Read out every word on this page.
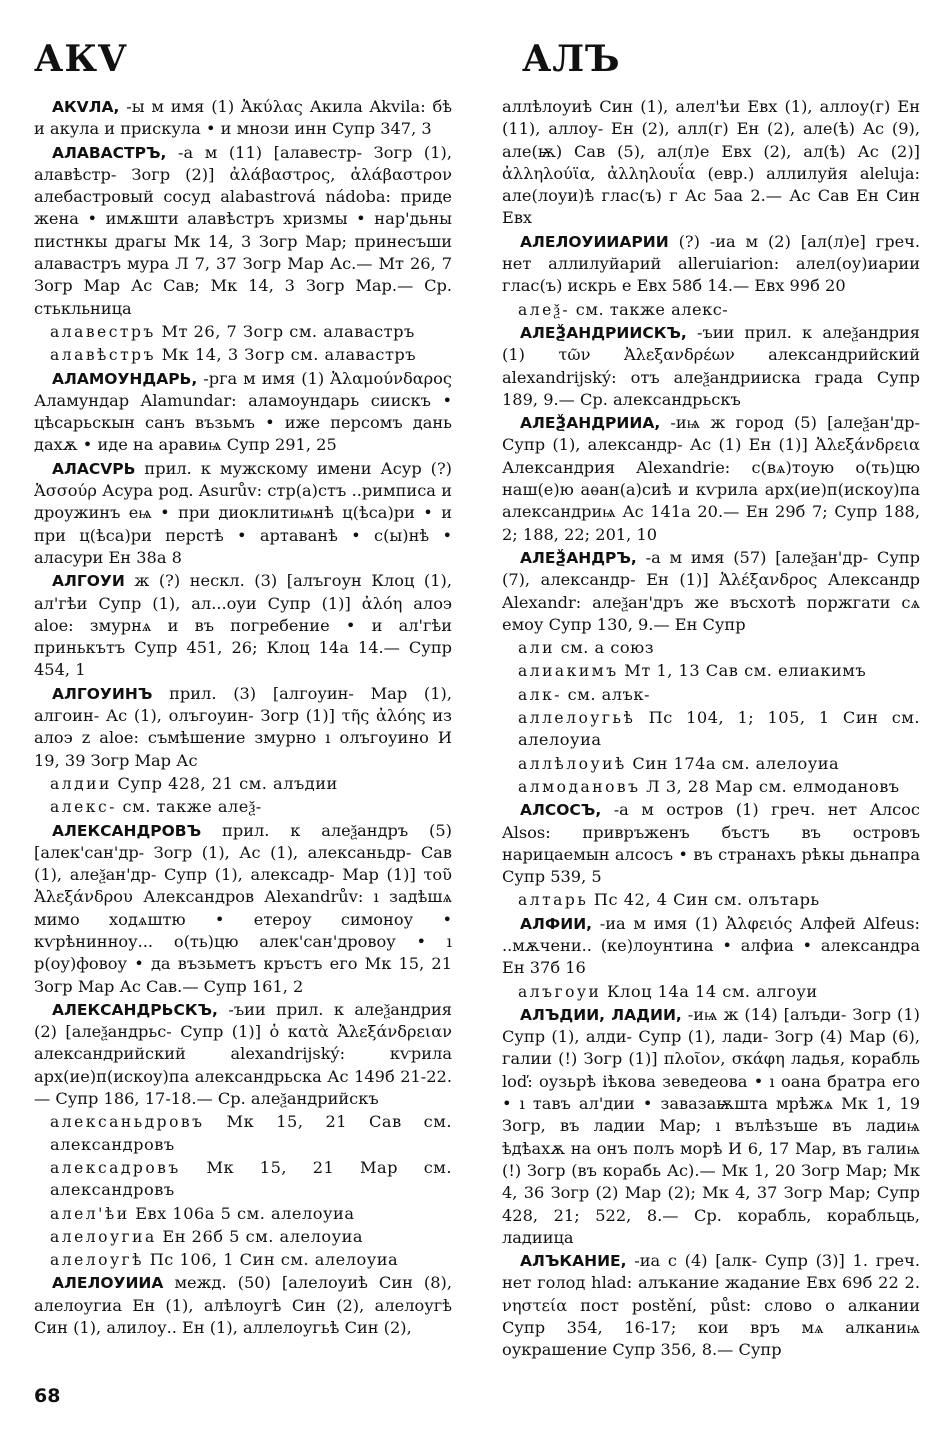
АКV	АЛЪ

АКVЛА, -ы м имя (1) Ἀκύλας Акила Akvila: бѣ и акула и прискула • и мнози инн Супр 347, 3

АЛАВАСТРЪ, -а м (11) [алавестр- Зогр (1), алавѣстр- Зогр (2)] ἀλάβαστρος, ἀλάβαστρον алебастровый сосуд alabastrová nádoba: приде жена • имѫшти алавѣстръ хризмы • нар'дьны пистнкы драгы Мк 14, 3 Зогр Мар; принесъши алавастръ мура Л 7, 37 Зогр Мар Ас.— Мт 26, 7 Зогр Мар Ас Сав; Мк 14, 3 Зогр Мар.— Ср. стькльница

алавестръ Мт 26, 7 Зогр см. алавастръ

алавѣстръ Мк 14, 3 Зогр см. алавастръ

АЛАМОУНДАРЬ, -рга м имя (1) Ἀλαμούνδαρος Аламундар Alamundar: аламоундарь сиискъ • цѣсарьскын санъ възьмъ • иже персомъ дань дахѫ • иде на аравиѩ Супр 291, 25

АЛАСVРЬ прил. к мужскому имени Асур (?) Ἀσσούρ Асура род. Asurův: стр(а)стъ ..римписа и дроужинъ еѩ • при диоклитиѩнѣ ц(ѣса)ри • и при ц(ѣса)ри перстѣ • артаванѣ • с(ы)нѣ • аласури Ен 38а 8

АЛГОУИ ж (?) нескл. (3) [алъгоун Клоц (1), ал'гѣи Супр (1), ал...оуи Супр (1)] ἀλόη алоэ aloe: змурнѧ и въ погребение • и ал'гѣи принькътъ Супр 451, 26; Клоц 14а 14.— Супр 454, 1

АЛГОУИНЪ прил. (3) [алгоуин- Мар (1), алгоин- Ас (1), олъгоуин- Зогр (1)] τῆς ἀλόης из алоэ z aloe: съмѣшение змурно ı олъгоуино И 19, 39 Зогр Мар Ас

алдии Супр 428, 21 см. алъдии

алекс- см. также алеѯ-

АЛЕКСАНДРОВЪ прил. к алеѯандръ (5) [алек'сан'др- Зогр (1), Ас (1), алексаньдр- Сав (1), алеѯан'др- Супр (1), алексадр- Мар (1)] τοῦ Ἀλεξάνδρου Александров Alexandrův: ı задѣшѧ мимо ходѧштю • етероу симоноу • кѵрѣнинноу... о(ть)цю алек'сан'дровоу • ı р(оу)фовоу • да възьметъ кръстъ его Мк 15, 21 Зогр Мар Ас Сав.— Супр 161, 2

АЛЕКСАНДРЬСКЪ, -ъии прил. к алеѯандрия (2) [алеѯандрьс- Супр (1)] ὁ κατὰ Ἀλεξάνδρειαν александрийский alexandrijský: кѵрила арх(ие)п(искоу)па александрьска Ас 149б 21-22.— Супр 186, 17-18.— Ср. алеѯандрийскъ

алексаньдровъ Мк 15, 21 Сав см. александровъ

алексадровъ Мк 15, 21 Мар см. александровъ

алел'ѣи Евх 106а 5 см. алелоуиа

алелоугиа Ен 26б 5 см. алелоуиа

алелоугѣ Пс 106, 1 Син см. алелоуиа

АЛЕЛОУИИА межд. (50) [алелоуиѣ Син (8), алелоугиа Ен (1), алѣлоугѣ Син (2), алелоугѣ Син (1), алилоу.. Ен (1), аллелоугьѣ Син (2),

аллѣлоуиѣ Син (1), алел'ѣи Евх (1), аллоу(г) Ен (11), аллоу- Ен (2), алл(г) Ен (2), але(ѣ) Ас (9), але(ѭ) Сав (5), ал(л)е Евх (2), ал(ѣ) Ас (2)] ἀλληλούϊα, ἀλληλουΐα (евр.) аллилуйя aleluja: але(лоуи)ѣ глас(ъ) г Ас 5аа 2.— Ас Сав Ен Син Евх

АЛЕЛОУИИАРИИ (?) -иа м (2) [ал(л)е] греч. нет аллилуйарий alleruiarion: алел(оу)иарии глас(ъ) искрь е Евх 58б 14.— Евх 99б 20

алеѯ- см. также алекс-

АЛЕѮАНДРИИСКЪ, -ъии прил. к алеѯандрия (1) τῶν Ἀλεξανδρέων александрийский alexandrijský: отъ алеѯандрииска града Супр 189, 9.— Ср. александрьскъ

АЛЕѮАНДРИИА, -иѩ ж город (5) [алеѯан'др- Супр (1), александр- Ас (1) Ен (1)] Ἀλεξάνδρεια Александрия Alexandrie: с(вѧ)тоую о(ть)цю наш(е)ю аѳан(а)сиѣ и кѵрила арх(ие)п(искоу)па александриѩ Ас 141а 20.— Ен 29б 7; Супр 188, 2; 188, 22; 201, 10

АЛЕѮАНДРЪ, -а м имя (57) [алеѯан'др- Супр (7), александр- Ен (1)] Ἀλέξανδρος Александр Alexandr: алеѯан'дръ же въсхотѣ поржгати сѧ емоу Супр 130, 9.— Ен Супр

али см. а союз

алиакимъ Мт 1, 13 Сав см. елиакимъ

алк- см. алък-

аллелоугьѣ Пс 104, 1; 105, 1 Син см. алелоуиа

аллѣлоуиѣ Син 174а см. алелоуиа

алмодановъ Л 3, 28 Мар см. елмодановъ

АЛСОСЪ, -а м остров (1) греч. нет Алсос Alsos: привръженъ бъстъ въ островъ нарицаемын алсосъ • въ странахъ рѣкы дьнапра Супр 539, 5

алтарь Пс 42, 4 Син см. олътарь

АЛФИИ, -иа м имя (1) Ἀλφειός Алфей Alfeus: ..мѫчени.. (ке)лоунтина • алфиа • александра Ен 37б 16

алъгоуи Клоц 14а 14 см. алгоуи

АЛЪДИИ, ЛАДИИ, -иѩ ж (14) [алъди- Зогр (1) Супр (1), алди- Супр (1), лади- Зогр (4) Мар (6), галии (!) Зогр (1)] πλοῖον, σκάφη ладья, корабль loď: оузьрѣ іѣкова зеведеова • ı оана братра его • ı тавъ ал'дии • завазаѭшта мрѣжѧ Мк 1, 19 Зогр, въ ладии Мар; ı вълѣзъше въ ладиѩ ѣдѣахѫ на онъ полъ морѣ И 6, 17 Мар, въ галиѩ (!) Зогр (въ корабь Ас).— Мк 1, 20 Зогр Мар; Мк 4, 36 Зогр (2) Мар (2); Мк 4, 37 Зогр Мар; Супр 428, 21; 522, 8.— Ср. корабль, корабльць, ладиица

АЛЪКАНИЕ, -иа с (4) [алк- Супр (3)] 1. греч. нет голод hlad: алъкание жадание Евх 69б 22 2. νηστεία пост postění, půst: слово о алкании Супр 354, 16-17; кои връ мѧ алканиѩ оукрашение Супр 356, 8.— Супр

68
